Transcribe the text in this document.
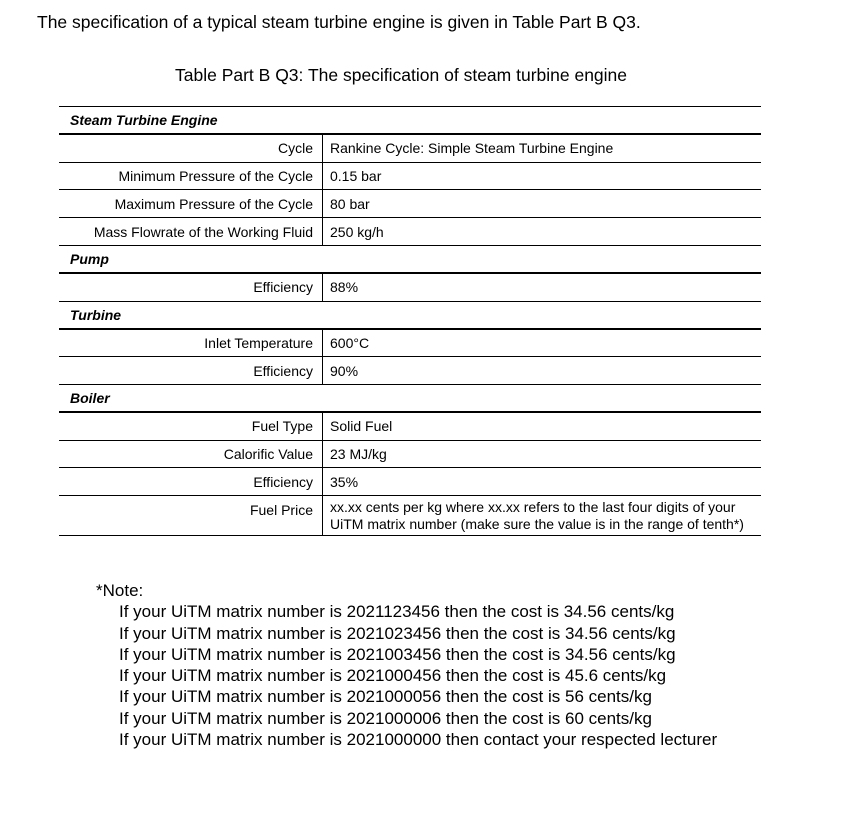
The specification of a typical steam turbine engine is given in Table Part B Q3.
Table Part B Q3: The specification of steam turbine engine
Steam Turbine Engine	
Cycle	Rankine Cycle: Simple Steam Turbine Engine
Minimum Pressure of the Cycle	0.15 bar
Maximum Pressure of the Cycle	80 bar
Mass Flowrate of the Working Fluid	250 kg/h
Pump	
Efficiency	88%
Turbine	
Inlet Temperature	600°C
Efficiency	90%
Boiler	
Fuel Type	Solid Fuel
Calorific Value	23 MJ/kg
Efficiency	35%
Fuel Price	xx.xx cents per kg where xx.xx refers to the last four digits of your UiTM matrix number (make sure the value is in the range of tenth*)
*Note:
If your UiTM matrix number is 2021123456 then the cost is 34.56 cents/kg
If your UiTM matrix number is 2021023456 then the cost is 34.56 cents/kg
If your UiTM matrix number is 2021003456 then the cost is 34.56 cents/kg
If your UiTM matrix number is 2021000456 then the cost is 45.6 cents/kg
If your UiTM matrix number is 2021000056 then the cost is 56 cents/kg
If your UiTM matrix number is 2021000006 then the cost is 60 cents/kg
If your UiTM matrix number is 2021000000 then contact your respected lecturer
